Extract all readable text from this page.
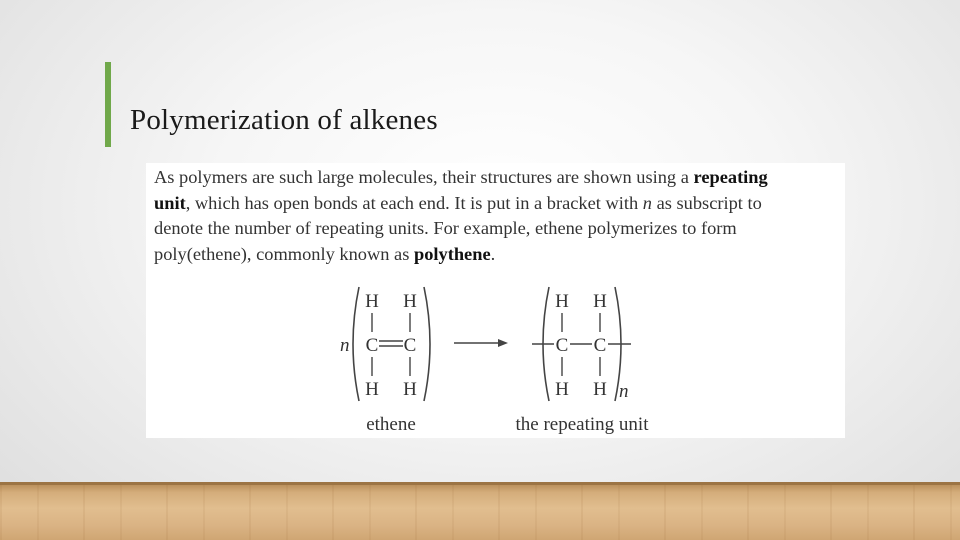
Polymerization of alkenes

As polymers are such large molecules, their structures are shown using a repeating

unit, which has open bonds at each end. It is put in a bracket with n as subscript to

denote the number of repeating units. For example, ethene polymerizes to form

poly(ethene), commonly known as polythene.

n
H H
C C
H H
ethene
H H
C C
H H n
the repeating unit
